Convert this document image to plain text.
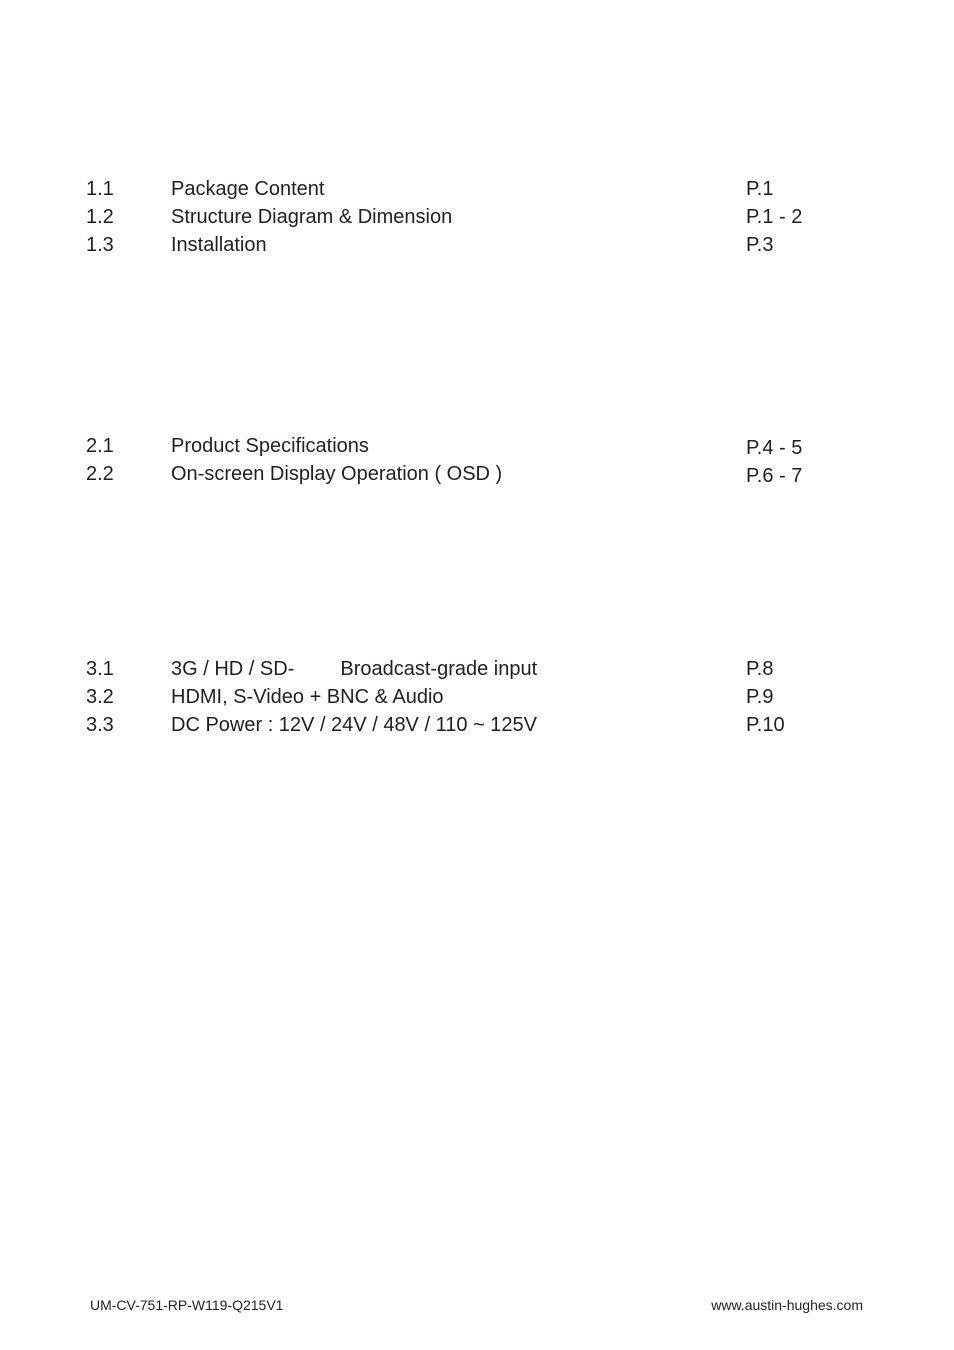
1.1	Package Content	P.1
1.2	Structure Diagram & Dimension	P.1 - 2
1.3	Installation	P.3
2.1	Product Specifications	P.4 - 5
2.2	On-screen Display Operation ( OSD )	P.6 - 7
3.1	3G / HD / SD- Broadcast-grade input	P.8
3.2	HDMI, S-Video + BNC & Audio	P.9
3.3	DC Power : 12V / 24V / 48V / 110 ~ 125V	P.10
UM-CV-751-RP-W119-Q215V1	www.austin-hughes.com
